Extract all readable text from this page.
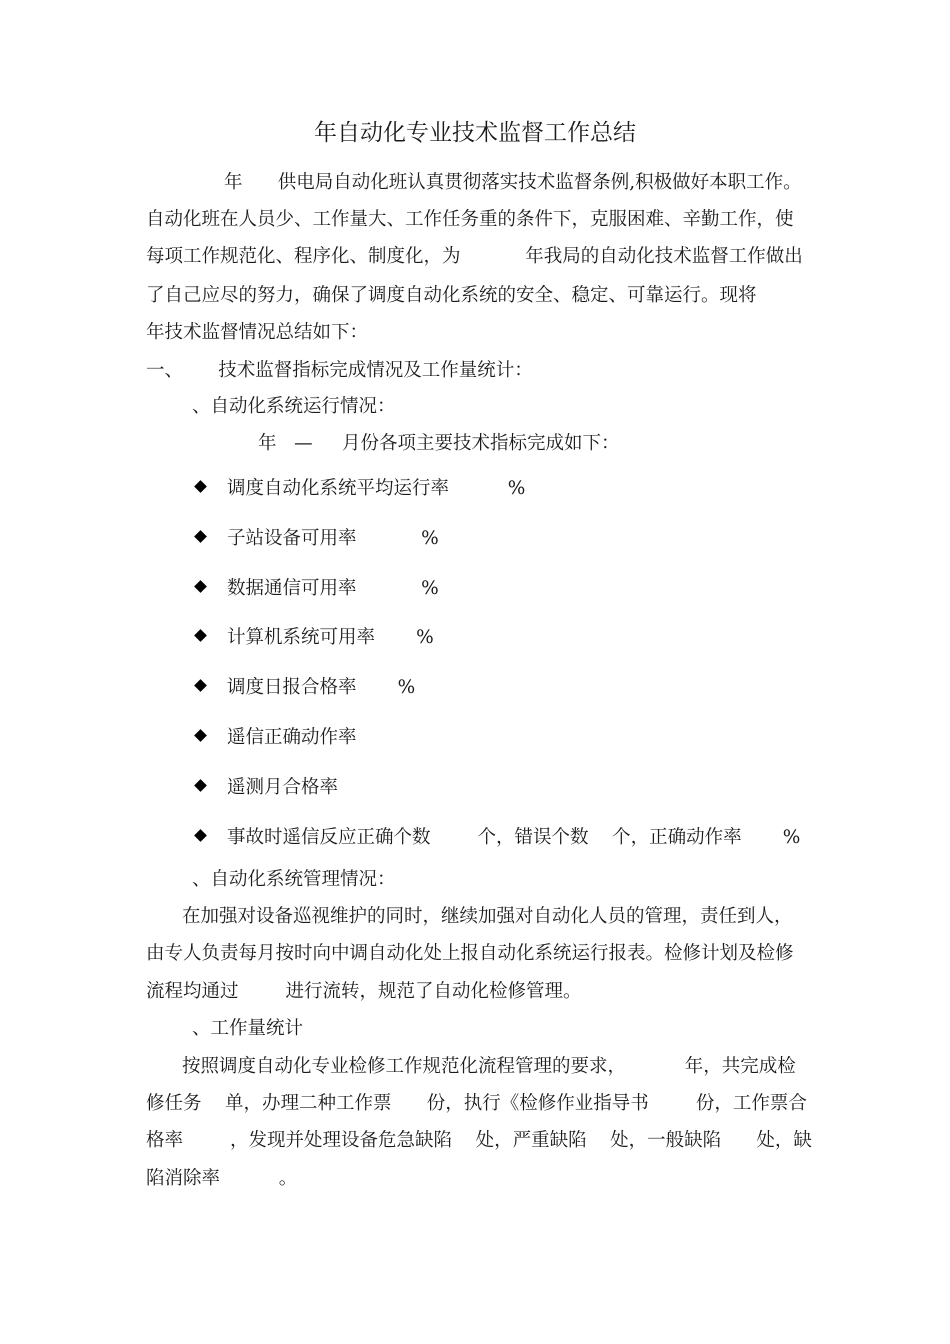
年自动化专业技术监督工作总结
年      供电局自动化班认真贯彻落实技术监督条例,积极做好本职工作。
自动化班在人员少、工作量大、工作任务重的条件下，克服困难、辛勤工作，使
每项工作规范化、程序化、制度化，为           年我局的自动化技术监督工作做出
了自己应尽的努力，确保了调度自动化系统的安全、稳定、可靠运行。现将
年技术监督情况总结如下：
一、      技术监督指标完成情况及工作量统计：
、自动化系统运行情况：
年   —     月份各项主要技术指标完成如下：
调度自动化系统平均运行率          %
子站设备可用率           %
数据通信可用率           %
计算机系统可用率       %
调度日报合格率       %
遥信正确动作率
遥测月合格率
事故时遥信反应正确个数        个，错误个数    个，正确动作率       %
、自动化系统管理情况：
在加强对设备巡视维护的同时，继续加强对自动化人员的管理，责任到人，
由专人负责每月按时向中调自动化处上报自动化系统运行报表。检修计划及检修
流程均通过        进行流转，规范了自动化检修管理。
、工作量统计
按照调度自动化专业检修工作规范化流程管理的要求，          年，共完成检
修任务    单，办理二种工作票      份，执行《检修作业指导书        份，工作票合
格率        ，发现并处理设备危急缺陷    处，严重缺陷    处，一般缺陷      处，缺
陷消除率          。
